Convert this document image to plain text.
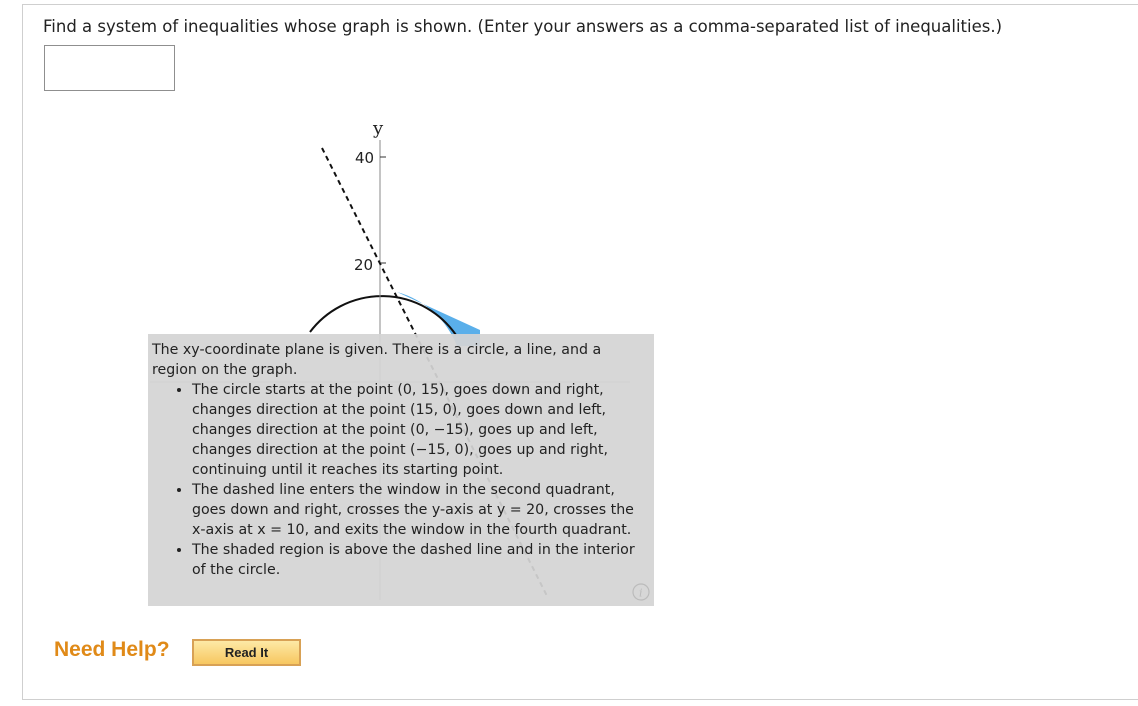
Find a system of inequalities whose graph is shown. (Enter your answers as a comma-separated list of inequalities.)
y
40
20

The xy-coordinate plane is given. There is a circle, a line, and a region on the graph.

• The circle starts at the point (0, 15), goes down and right, changes direction at the point (15, 0), goes down and left, changes direction at the point (0, −15), goes up and left, changes direction at the point (−15, 0), goes up and right, continuing until it reaches its starting point.
• The dashed line enters the window in the second quadrant, goes down and right, crosses the y-axis at y = 20, crosses the x-axis at x = 10, and exits the window in the fourth quadrant.
• The shaded region is above the dashed line and in the interior of the circle.
i
Need Help?	Read It
